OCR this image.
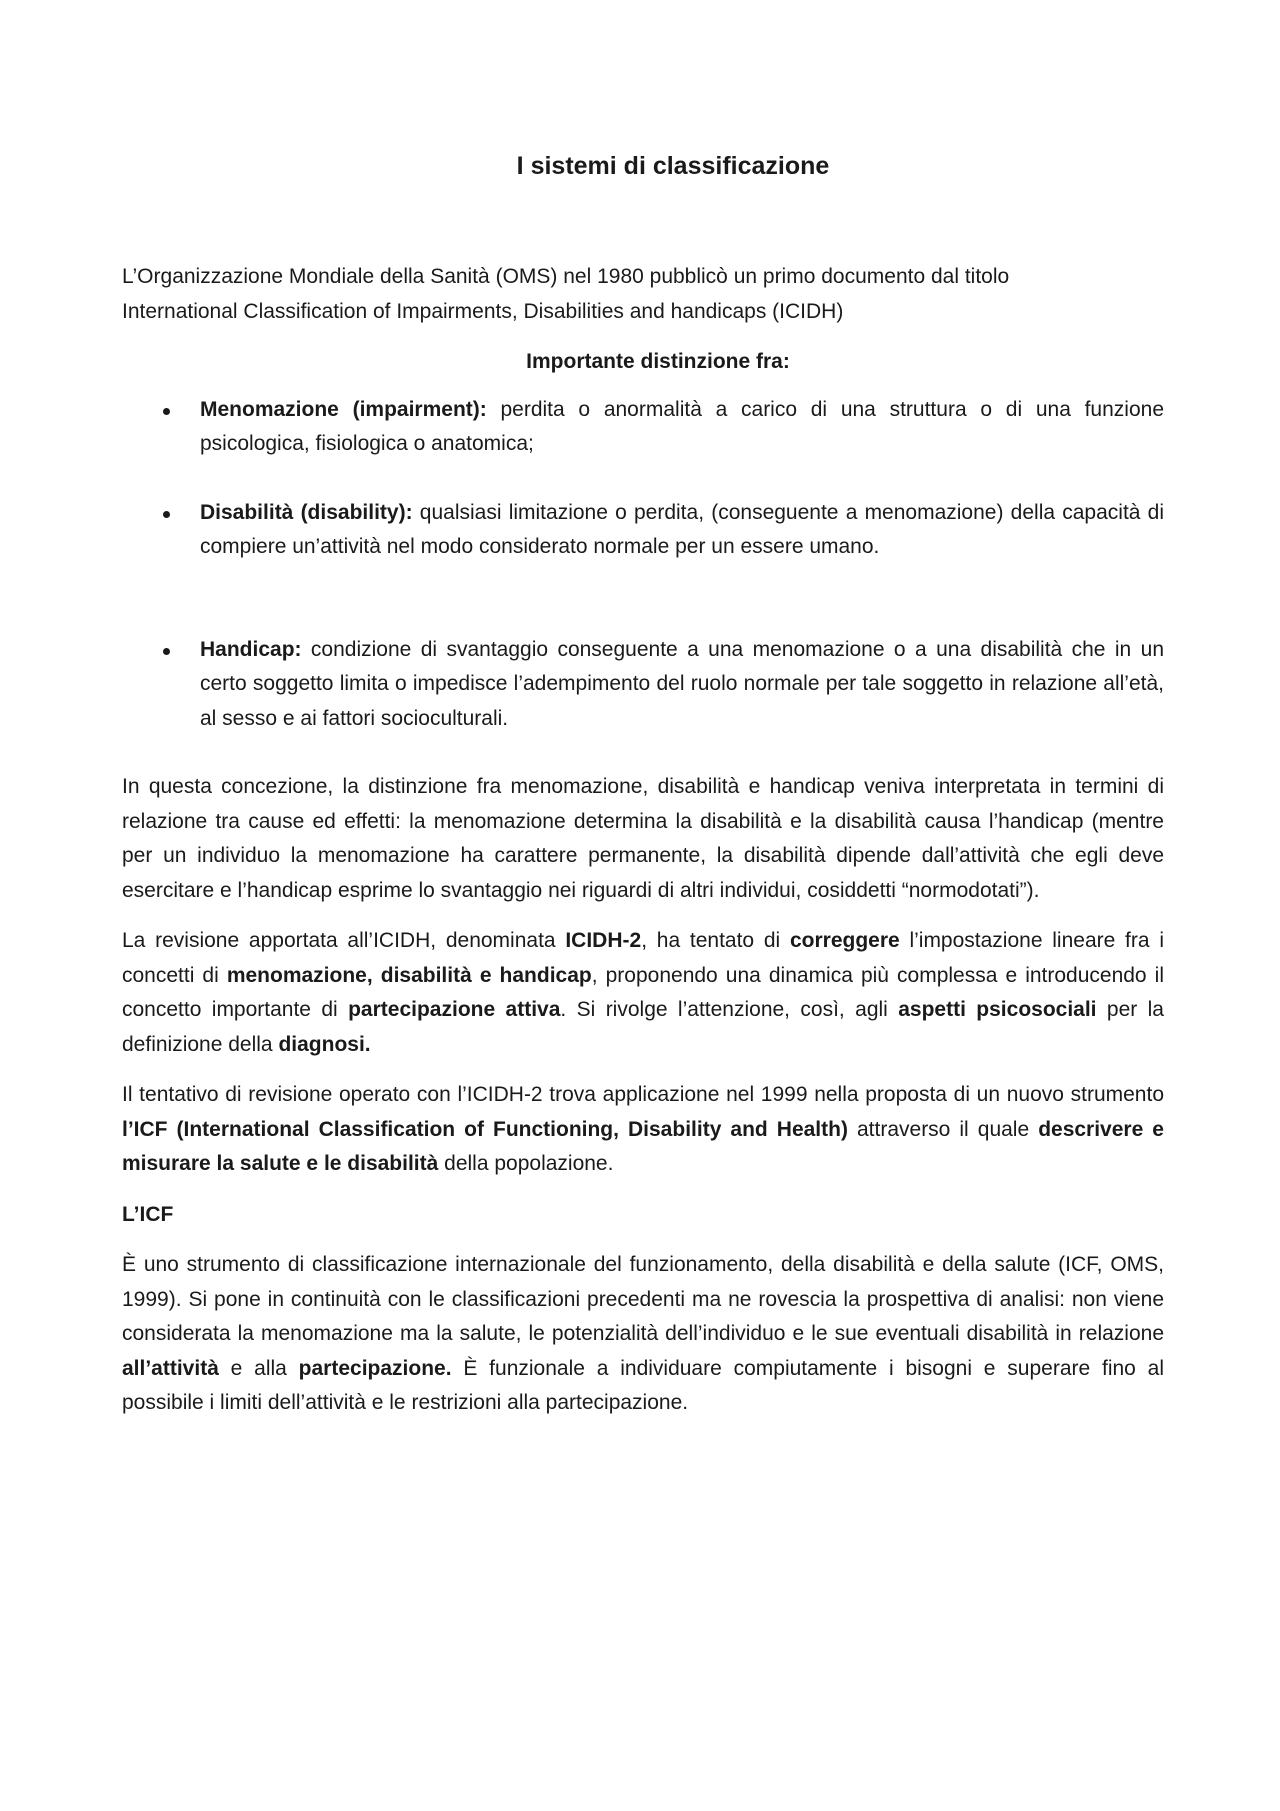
I sistemi di classificazione

L’Organizzazione Mondiale della Sanità (OMS) nel 1980 pubblicò un primo documento dal titolo
International Classification of Impairments, Disabilities and handicaps (ICIDH)

Importante distinzione fra:

Menomazione (impairment): perdita o anormalità a carico di una struttura o di una funzione psicologica, fisiologica o anatomica;
Disabilità (disability): qualsiasi limitazione o perdita, (conseguente a menomazione) della capacità di compiere un’attività nel modo considerato normale per un essere umano.
Handicap: condizione di svantaggio conseguente a una menomazione o a una disabilità che in un certo soggetto limita o impedisce l’adempimento del ruolo normale per tale soggetto in relazione all’età, al sesso e ai fattori socioculturali.

In questa concezione, la distinzione fra menomazione, disabilità e handicap veniva interpretata in termini di relazione tra cause ed effetti: la menomazione determina la disabilità e la disabilità causa l’handicap (mentre per un individuo la menomazione ha carattere permanente, la disabilità dipende dall’attività che egli deve esercitare e l’handicap esprime lo svantaggio nei riguardi di altri individui, cosiddetti “normodotati”).

La revisione apportata all’ICIDH, denominata ICIDH-2, ha tentato di correggere l’impostazione lineare fra i concetti di menomazione, disabilità e handicap, proponendo una dinamica più complessa e introducendo il concetto importante di partecipazione attiva. Si rivolge l’attenzione, così, agli aspetti psicosociali per la definizione della diagnosi.

Il tentativo di revisione operato con l’ICIDH-2 trova applicazione nel 1999 nella proposta di un nuovo strumento l’ICF (International Classification of Functioning, Disability and Health) attraverso il quale descrivere e misurare la salute e le disabilità della popolazione.

L’ICF

È uno strumento di classificazione internazionale del funzionamento, della disabilità e della salute (ICF, OMS, 1999). Si pone in continuità con le classificazioni precedenti ma ne rovescia la prospettiva di analisi: non viene considerata la menomazione ma la salute, le potenzialità dell’individuo e le sue eventuali disabilità in relazione all’attività e alla partecipazione. È funzionale a individuare compiutamente i bisogni e superare fino al possibile i limiti dell’attività e le restrizioni alla partecipazione.
